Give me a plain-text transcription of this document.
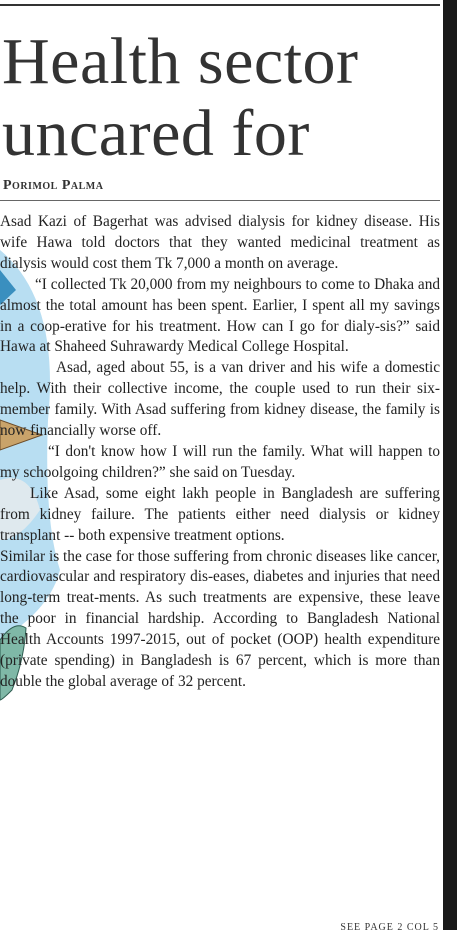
Health sector uncared for
Porimol Palma

Asad Kazi of Bagerhat was advised dialysis for kidney disease. His wife Hawa told doctors that they wanted medicinal treatment as dialysis would cost them Tk 7,000 a month on average.

“I collected Tk 20,000 from my neighbours to come to Dhaka and almost the total amount has been spent. Earlier, I spent all my savings in a coop-erative for his treatment. How can I go for dialy-sis?” said Hawa at Shaheed Suhrawardy Medical College Hospital.

Asad, aged about 55, is a van driver and his wife a domestic help. With their collective income, the couple used to run their six-member family. With Asad suffering from kidney disease, the family is now financially worse off.

“I don't know how I will run the family. What will happen to my schoolgoing children?” she said on Tuesday.

Like Asad, some eight lakh people in Bangladesh are suffering from kidney failure. The patients either need dialysis or kidney transplant -- both expensive treatment options.

Similar is the case for those suffering from chronic diseases like cancer, cardiovascular and respiratory dis-eases, diabetes and injuries that need long-term treat-ments. As such treatments are expensive, these leave the poor in financial hardship. According to Bangladesh National Health Accounts 1997-2015, out of pocket (OOP) health expenditure (private spending) in Bangladesh is 67 percent, which is more than double the global average of 32 percent.

SEE PAGE 2 COL 5
